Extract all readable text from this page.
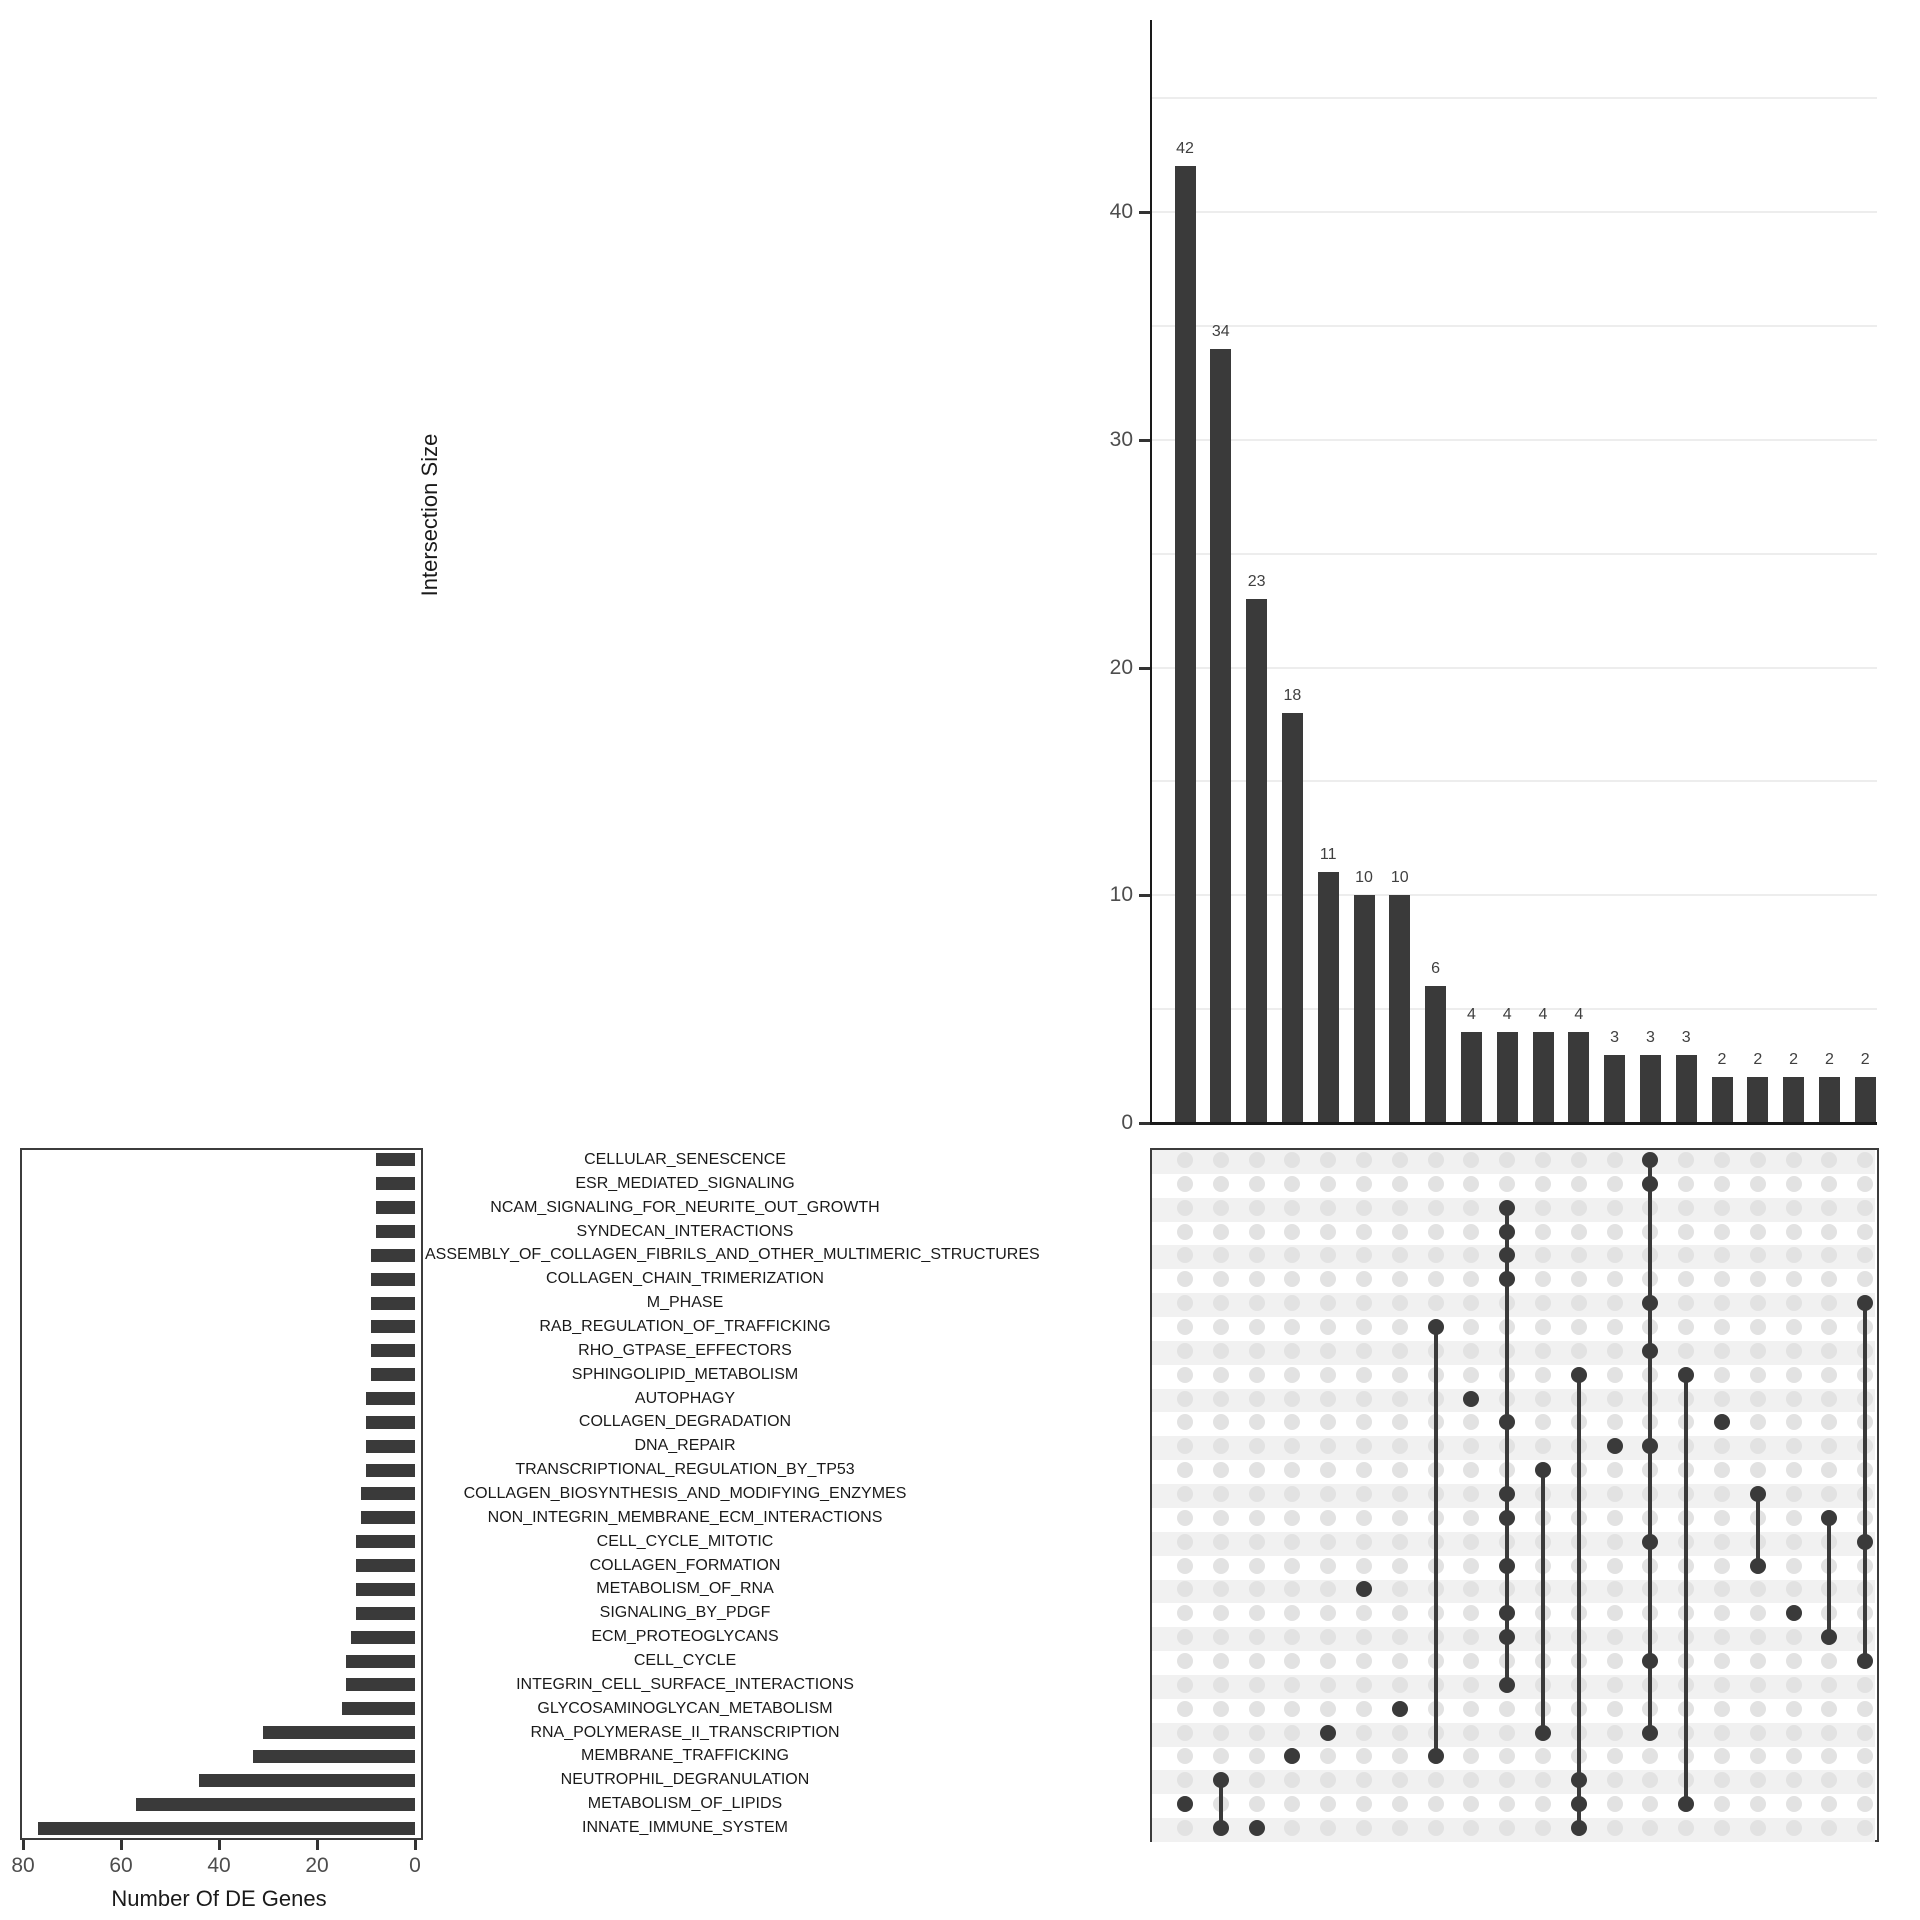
0
10
20
30
40
42
34
23
18
11
10	10
6
4	4	4	4
3	3	3
2	2	2	2	2
Intersection Size
80	60	40	20	0
CELLULAR_SENESCENCE
ESR_MEDIATED_SIGNALING
NCAM_SIGNALING_FOR_NEURITE_OUT_GROWTH
SYNDECAN_INTERACTIONS
ASSEMBLY_OF_COLLAGEN_FIBRILS_AND_OTHER_MULTIMERIC_STRUCTURES
COLLAGEN_CHAIN_TRIMERIZATION
M_PHASE
RAB_REGULATION_OF_TRAFFICKING
RHO_GTPASE_EFFECTORS
SPHINGOLIPID_METABOLISM
AUTOPHAGY
COLLAGEN_DEGRADATION
DNA_REPAIR
TRANSCRIPTIONAL_REGULATION_BY_TP53
COLLAGEN_BIOSYNTHESIS_AND_MODIFYING_ENZYMES
NON_INTEGRIN_MEMBRANE_ECM_INTERACTIONS
CELL_CYCLE_MITOTIC
COLLAGEN_FORMATION
METABOLISM_OF_RNA
SIGNALING_BY_PDGF
ECM_PROTEOGLYCANS
CELL_CYCLE
INTEGRIN_CELL_SURFACE_INTERACTIONS
GLYCOSAMINOGLYCAN_METABOLISM
RNA_POLYMERASE_II_TRANSCRIPTION
MEMBRANE_TRAFFICKING
NEUTROPHIL_DEGRANULATION
METABOLISM_OF_LIPIDS
INNATE_IMMUNE_SYSTEM
Number Of DE Genes
